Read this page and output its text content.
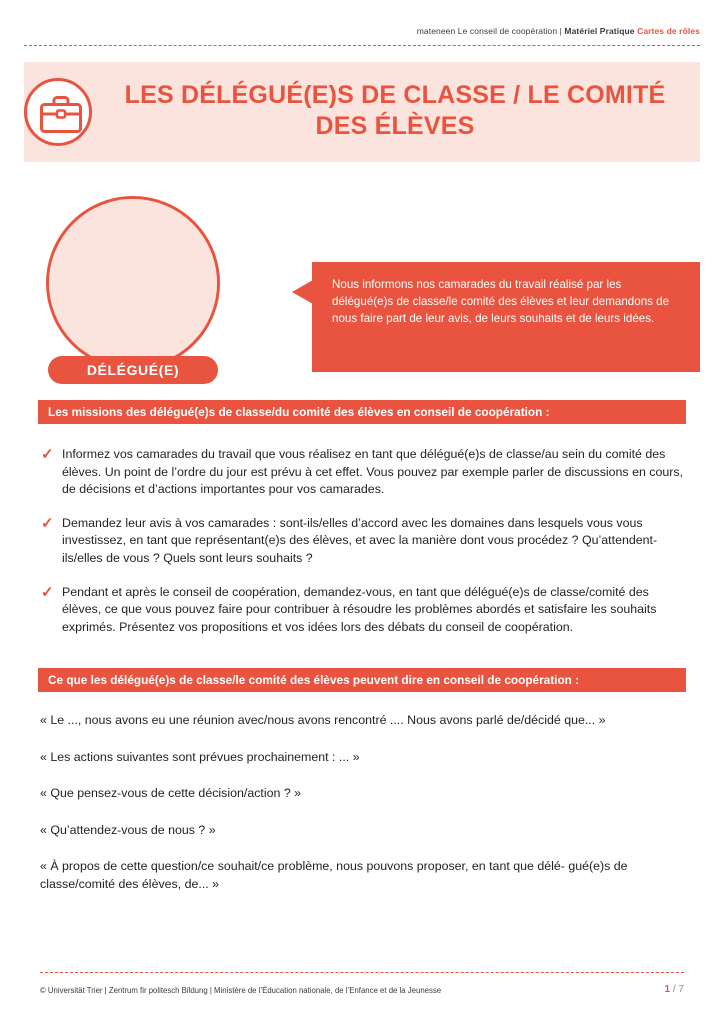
mateneen Le conseil de coopération | Matériel Pratique Cartes de rôles
LES DÉLÉGUÉ(E)S DE CLASSE / LE COMITÉ
DES ÉLÈVES
DÉLÉGUÉ(E)
Nous informons nos camarades du travail réalisé par les délégué(e)s de classe/le comité des élèves et leur demandons de nous faire part de leur avis, de leurs souhaits et de leurs idées.
Les missions des délégué(e)s de classe/du comité des élèves en conseil de coopération :
✓ Informez vos camarades du travail que vous réalisez en tant que délégué(e)s de classe/au sein du comité des élèves. Un point de l’ordre du jour est prévu à cet effet. Vous pouvez par exemple parler de discussions en cours, de décisions et d’actions importantes pour vos camarades.

✓ Demandez leur avis à vos camarades : sont-ils/elles d’accord avec les domaines dans lesquels vous vous investissez, en tant que représentant(e)s des élèves, et avec la manière dont vous procédez ? Qu’attendent-ils/elles de vous ? Quels sont leurs souhaits ?

✓ Pendant et après le conseil de coopération, demandez-vous, en tant que délégué(e)s de classe/comité des élèves, ce que vous pouvez faire pour contribuer à résoudre les problèmes abordés et satisfaire les souhaits exprimés. Présentez vos propositions et vos idées lors des débats du conseil de coopération.

Ce que les délégué(e)s de classe/le comité des élèves peuvent dire en conseil de coopération :
« Le ..., nous avons eu une réunion avec/nous avons rencontré .... Nous avons parlé de/décidé que... »
« Les actions suivantes sont prévues prochainement : ... »
« Que pensez-vous de cette décision/action ? »
« Qu’attendez-vous de nous ? »
« À propos de cette question/ce souhait/ce problème, nous pouvons proposer, en tant que délé- gué(e)s de classe/comité des élèves, de... »
© Universität Trier | Zentrum fir politesch Bildung | Ministère de l’Éducation nationale, de l’Enfance et de la Jeunesse	1 / 7
